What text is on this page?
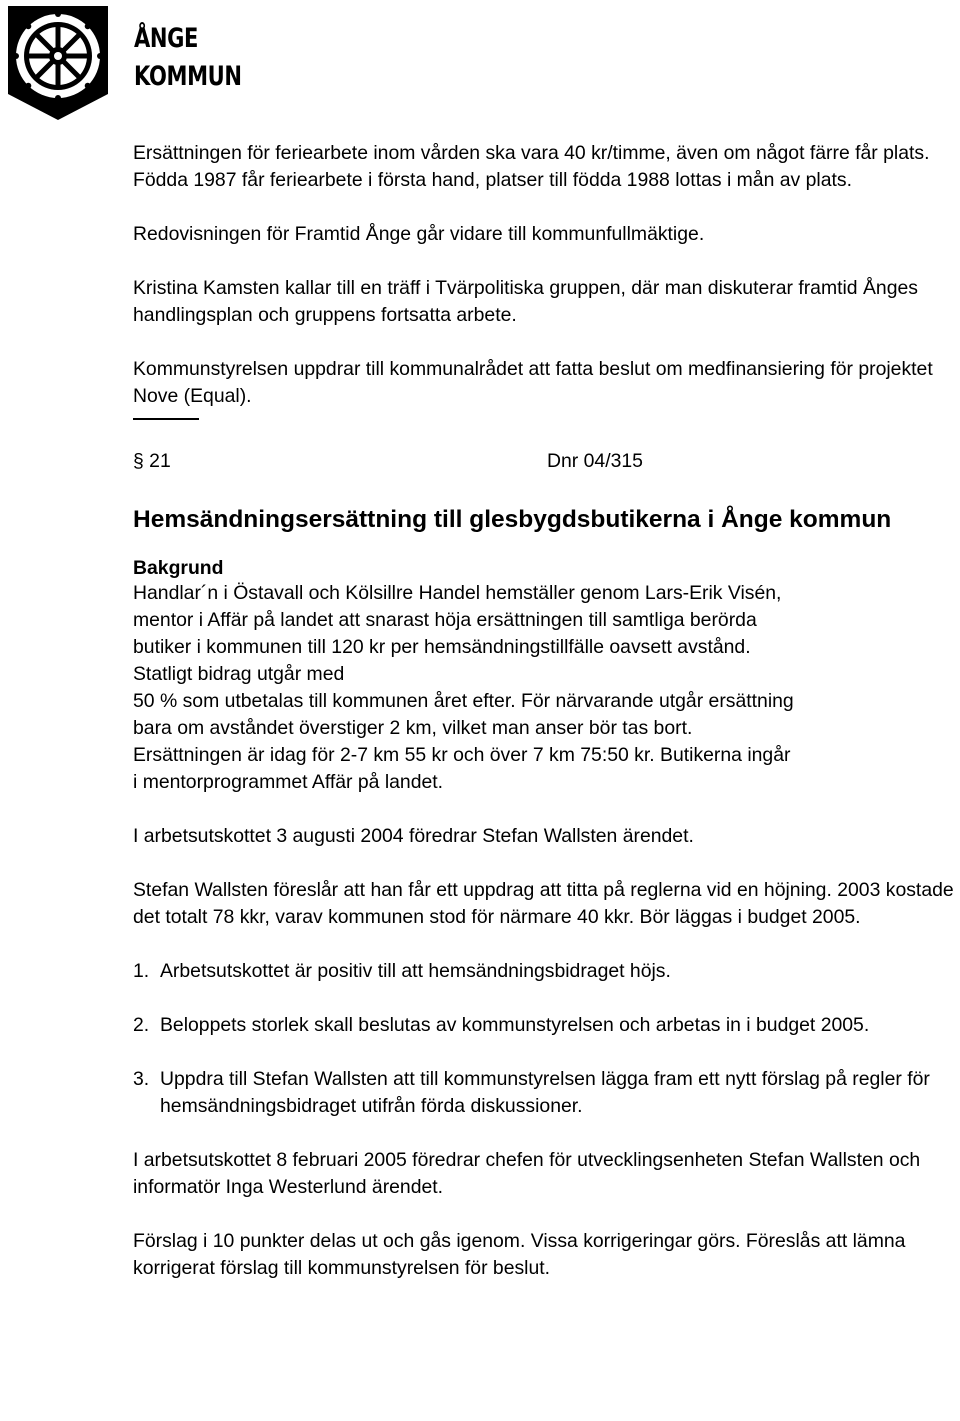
ÅNGE
KOMMUN

Ersättningen för feriearbete inom vården ska vara 40 kr/timme, även om något färre får plats. Födda 1987 får feriearbete i första hand, platser till födda 1988 lottas i mån av plats.

Redovisningen för Framtid Ånge går vidare till kommunfullmäktige.

Kristina Kamsten kallar till en träff i Tvärpolitiska gruppen, där man diskuterar framtid Ånges handlingsplan och gruppens fortsatta arbete.

Kommunstyrelsen uppdrar till kommunalrådet att fatta beslut om medfinansiering för projektet Nove (Equal).

§ 21	Dnr 04/315
Hemsändningsersättning till glesbygdsbutikerna i Ånge kommun
Bakgrund

Handlar´n i Östavall och Kölsillre Handel hemställer genom Lars-Erik Visén,

mentor i Affär på landet att snarast höja ersättningen till samtliga berörda

butiker i kommunen till 120 kr per hemsändningstillfälle oavsett avstånd.

Statligt bidrag utgår med

50 % som utbetalas till kommunen året efter. För närvarande utgår ersättning

bara om avståndet överstiger 2 km, vilket man anser bör tas bort.

Ersättningen är idag för 2-7 km 55 kr och över 7 km 75:50 kr. Butikerna ingår

i mentorprogrammet Affär på landet.

I arbetsutskottet 3 augusti 2004 föredrar Stefan Wallsten ärendet.

Stefan Wallsten föreslår att han får ett uppdrag att titta på reglerna vid en höjning. 2003 kostade det totalt 78 kkr, varav kommunen stod för närmare 40 kkr. Bör läggas i budget 2005.

1. Arbetsutskottet är positiv till att hemsändningsbidraget höjs.
2. Beloppets storlek skall beslutas av kommunstyrelsen och arbetas in i budget 2005.
3. Uppdra till Stefan Wallsten att till kommunstyrelsen lägga fram ett nytt förslag på regler för hemsändningsbidraget utifrån förda diskussioner.

I arbetsutskottet 8 februari 2005 föredrar chefen för utvecklingsenheten Stefan Wallsten och informatör Inga Westerlund ärendet.

Förslag i 10 punkter delas ut och gås igenom. Vissa korrigeringar görs. Föreslås att lämna korrigerat förslag till kommunstyrelsen för beslut.
